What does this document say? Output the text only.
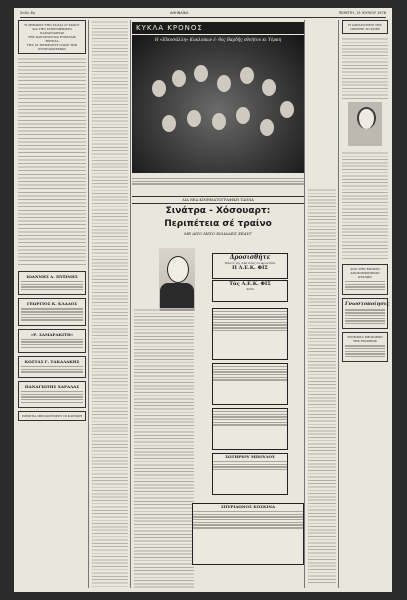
Σελίς 8η	ΑΘΗΝΑΪΚΑ	ΠΕΜΠΤΗ, 15 ΙΟΥΛΙΟΥ 1976
Η ΔΕΞΙΩΣΙΣ ΤΗΝ 26 ΚΑΙ 27 ΜΑΪΟΥ
ΔΙΑ ΤΗΝ ΣΥΜΠΛΗΡΩΣΙΝ ΠΑΡΑΣΤΑΣΕΩΣ
ΤΗΣ ΚΑΣΤΑΝΟΓΙΑΣ ΕΥΧΕΛΑΙΣ ΒΟΥΡΛΑ
ΤΗΣ 18 ΤΡΙΜΕΛΟΥΣ ΟΛΩΝ ΤΩΝ ΣΥΝΕΤΑΙΡΙΣΜΩΝ
ΙΩΑΝΝΗΣ Δ. ΠΥΞΙΝΗΣ
ΓΕΩΡΓΙΟΣ Κ. ΚΛΑΔΟΣ
«Ρ. ΣΑΜΑΡΑΚΙΤΗ»
ΚΩΣΤΑΣ Γ. ΤΑΚΑΛΑΚΗΣ
ΠΑΝΑΓΙΩΤΗΣ ΧΑΡΑΛΑΣ
ΠΡΟΣΤΙΑ ΠΡΟΔΟΣΤΟΡΟΥ ΟΙ ΚΛΙΝΙΚΗ
ΚΥΚΛΑ ΚΡΟΝΟΣ
Η «ΕΙκοσάλλη» Κυκλοπων έ- θες Βαρδής εθνήτου κι Υόρκη
ΔΙΑ ΝΕΑ ΚΙΝΗΜΑΤΟΓΡΑΦΙΚΗ ΤΑΙΝΙΑ
Σινάτρα - Χόσουαρτ:
Περιπέτεια σέ τραίνο
ΜΕ ΑΠΟ ΜΙΣΟ ΧΙΛΙΑΔΕΣ ΣΕΑΥΓ
Δροσισθήτε
Πάρτε της Αυστείας σε φροντίδα
Π Λ.Ε.Κ. ΦΙΣ
Τάς Λ.Ε.Κ. ΦΙΣ
ΑΓΙΑ
ΣΩΤΗΡΙΟΥ ΜΠΟΥΛΟΥ
ΣΠΥΡΙΔΩΝΟΣ ΚΟΣΚΙΝΑ
Η ΑΔΕΛΦΟΤΗΤΣ ΤΗΣ ΠΡΩΤΗΣ ΤΟ ΦΟΡΕ
ΑΠΟ ΤΗΝ ΕΝΩΣΙΝ ΑΠΟΚΛΗΡΩΤΙΚΩΝ ΚΥΚΛΩΝ
Γνωστοποίησις
ΣΥΝΕΔΡΙΑ ΜΕΛΙΟΡΩΝ ΤΗΣ ΕΝΩΣΕΩΣ
